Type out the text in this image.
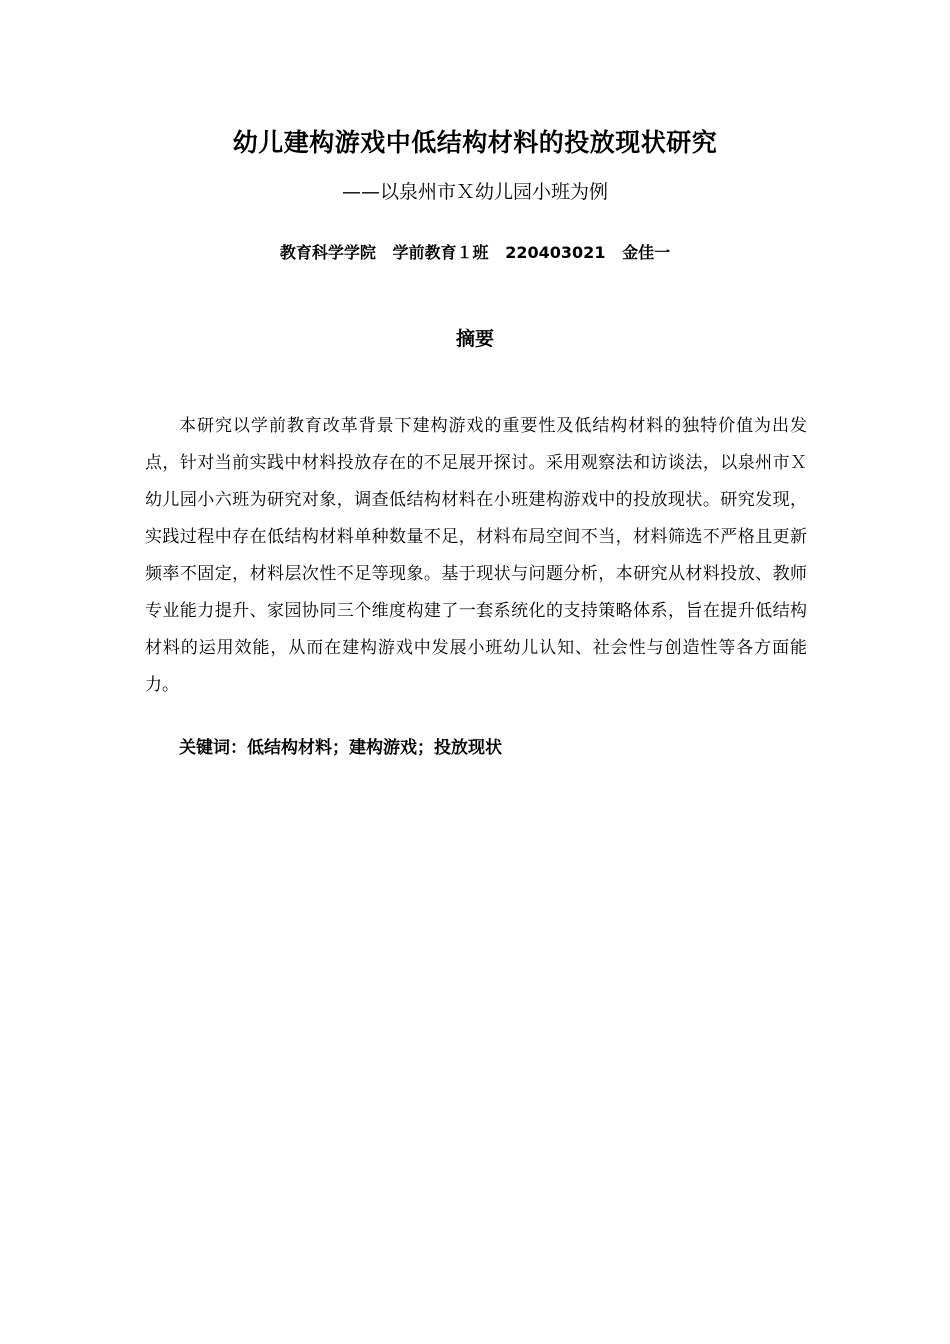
幼儿建构游戏中低结构材料的投放现状研究
——以泉州市Ｘ幼儿园小班为例
教育科学学院   学前教育１班   220403021   金佳一
摘要

本研究以学前教育改革背景下建构游戏的重要性及低结构材料的独特价值为出发点，针对当前实践中材料投放存在的不足展开探讨。采用观察法和访谈法，以泉州市Ｘ幼儿园小六班为研究对象，调查低结构材料在小班建构游戏中的投放现状。研究发现，实践过程中存在低结构材料单种数量不足，材料布局空间不当，材料筛选不严格且更新频率不固定，材料层次性不足等现象。基于现状与问题分析，本研究从材料投放、教师专业能力提升、家园协同三个维度构建了一套系统化的支持策略体系，旨在提升低结构材料的运用效能，从而在建构游戏中发展小班幼儿认知、社会性与创造性等各方面能力。

关键词：低结构材料；建构游戏；投放现状
